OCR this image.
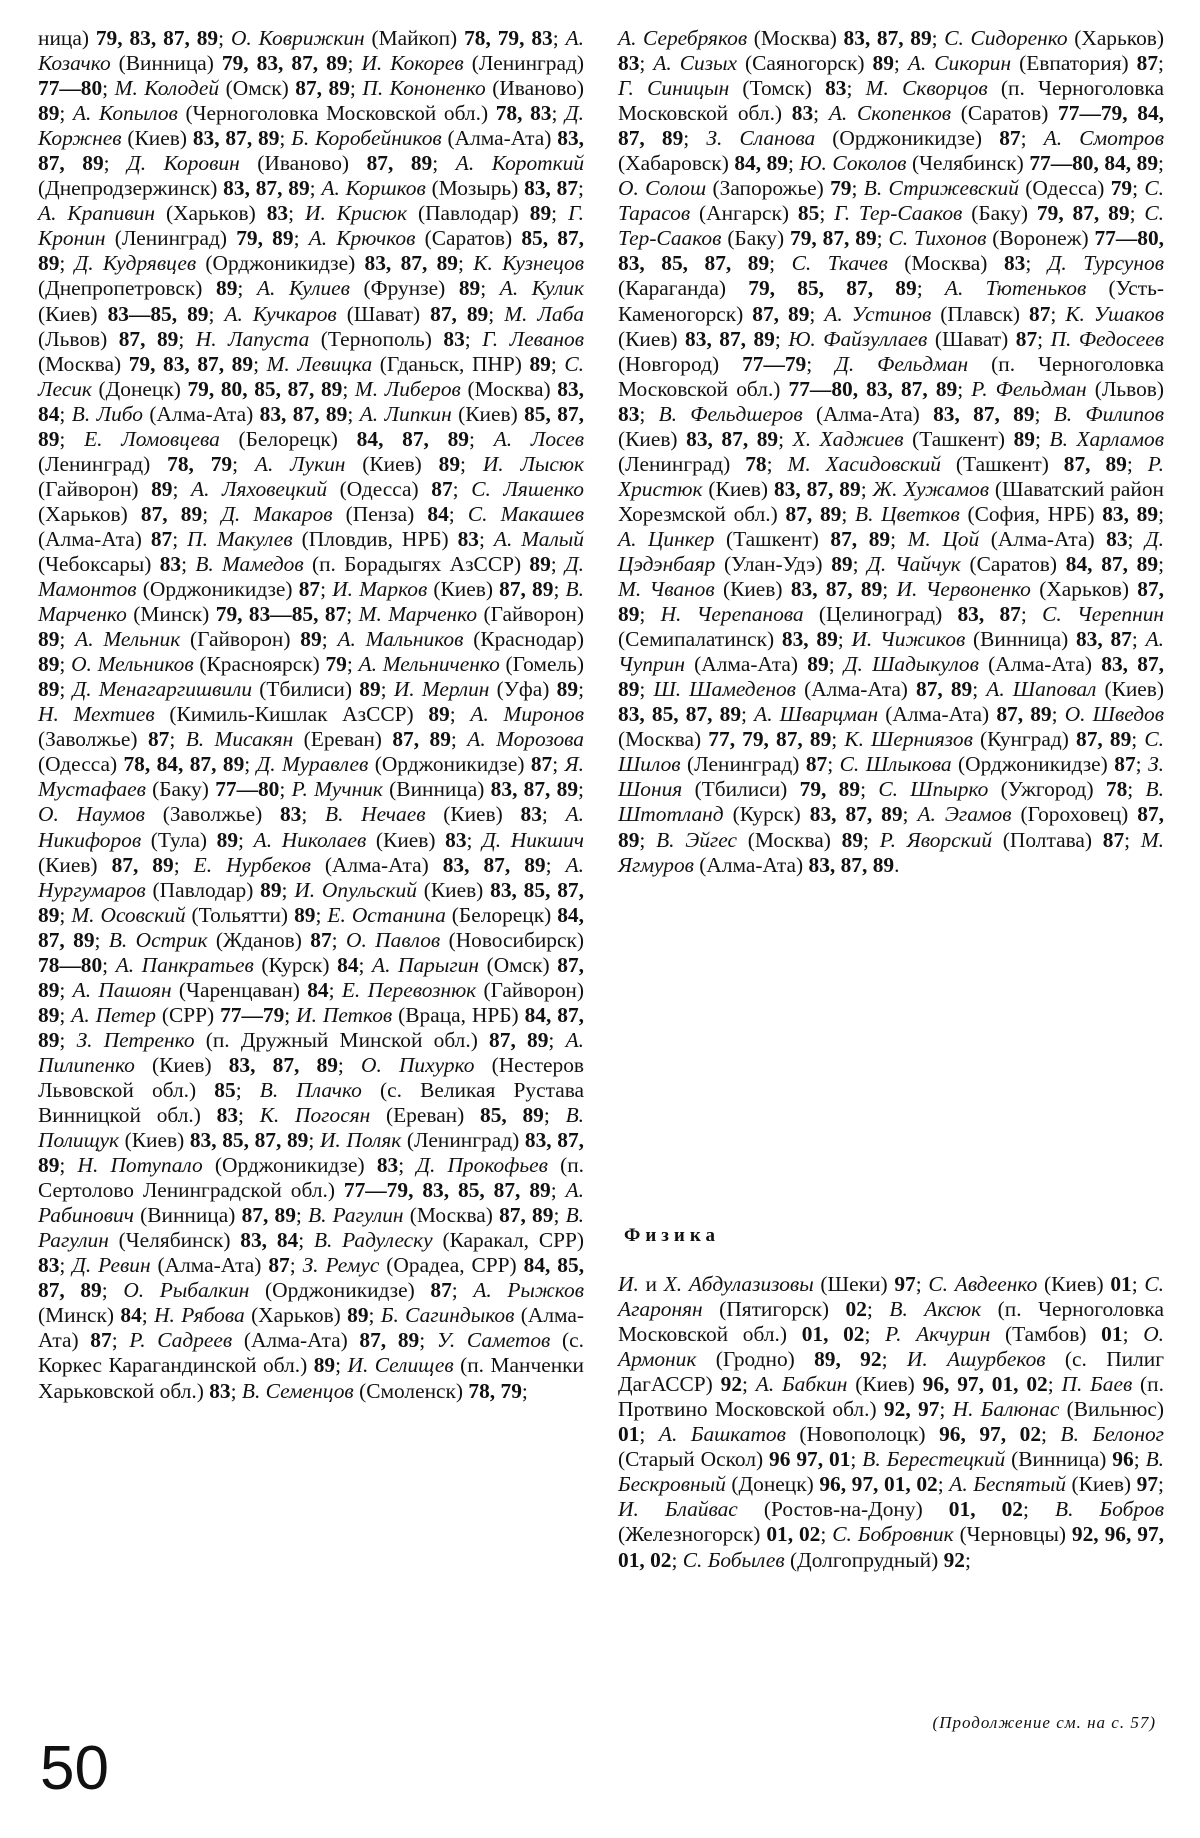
ница) 79, 83, 87, 89; О. Коврижкин (Майкоп) 78, 79, 83; А. Козачко (Винница) 79, 83, 87, 89; И. Кокорев (Ленинград) 77—80; М. Колодей (Омск) 87, 89; П. Кононенко (Иваново) 89; А. Копылов (Черноголовка Московской обл.) 78, 83; Д. Коржнев (Киев) 83, 87, 89; Б. Коробейников (Алма-Ата) 83, 87, 89; Д. Коровин (Иваново) 87, 89; А. Короткий (Днепродзержинск) 83, 87, 89; А. Коршков (Мозырь) 83, 87; А. Крапивин (Харьков) 83; И. Крисюк (Павлодар) 89; Г. Кронин (Ленинград) 79, 89; А. Крючков (Саратов) 85, 87, 89; Д. Кудрявцев (Орджоникидзе) 83, 87, 89; К. Кузнецов (Днепропетровск) 89; А. Кулиев (Фрунзе) 89; А. Кулик (Киев) 83—85, 89; А. Кучкаров (Шават) 87, 89; М. Лаба (Львов) 87, 89; Н. Лапуста (Тернополь) 83; Г. Леванов (Москва) 79, 83, 87, 89; М. Левицка (Гданьск, ПНР) 89; С. Лесик (Донецк) 79, 80, 85, 87, 89; М. Либеров (Москва) 83, 84; В. Либо (Алма-Ата) 83, 87, 89; А. Липкин (Киев) 85, 87, 89; Е. Ломовцева (Белорецк) 84, 87, 89; А. Лосев (Ленинград) 78, 79; А. Лукин (Киев) 89; И. Лысюк (Гайворон) 89; А. Ляховецкий (Одесса) 87; С. Ляшенко (Харьков) 87, 89; Д. Макаров (Пенза) 84; С. Макашев (Алма-Ата) 87; П. Макулев (Пловдив, НРБ) 83; А. Малый (Чебоксары) 83; В. Мамедов (п. Борадыгях АзССР) 89; Д. Мамонтов (Орджоникидзе) 87; И. Марков (Киев) 87, 89; В. Марченко (Минск) 79, 83—85, 87; М. Марченко (Гайворон) 89; А. Мельник (Гайворон) 89; А. Мальников (Краснодар) 89; О. Мельников (Красноярск) 79; А. Мельниченко (Гомель) 89; Д. Менагаргишвили (Тбилиси) 89; И. Мерлин (Уфа) 89; Н. Мехтиев (Кимиль-Кишлак АзССР) 89; А. Миронов (Заволжье) 87; В. Мисакян (Ереван) 87, 89; А. Морозова (Одесса) 78, 84, 87, 89; Д. Муравлев (Орджоникидзе) 87; Я. Мустафаев (Баку) 77—80; Р. Мучник (Винница) 83, 87, 89; О. Наумов (Заволжье) 83; В. Нечаев (Киев) 83; А. Никифоров (Тула) 89; А. Николаев (Киев) 83; Д. Никшич (Киев) 87, 89; Е. Нурбеков (Алма-Ата) 83, 87, 89; А. Нургумаров (Павлодар) 89; И. Опульский (Киев) 83, 85, 87, 89; М. Осовский (Тольятти) 89; Е. Останина (Белорецк) 84, 87, 89; В. Острик (Жданов) 87; О. Павлов (Новосибирск) 78—80; А. Панкратьев (Курск) 84; А. Парыгин (Омск) 87, 89; А. Пашоян (Чаренцаван) 84; Е. Перевознюк (Гайворон) 89; А. Петер (СРР) 77—79; И. Петков (Враца, НРБ) 84, 87, 89; З. Петренко (п. Дружный Минской обл.) 87, 89; А. Пилипенко (Киев) 83, 87, 89; О. Пихурко (Нестеров Львовской обл.) 85; В. Плачко (с. Великая Рустава Винницкой обл.) 83; К. Погосян (Ереван) 85, 89; В. Полищук (Киев) 83, 85, 87, 89; И. Поляк (Ленинград) 83, 87, 89; Н. Потупало (Орджоникидзе) 83; Д. Прокофьев (п. Сертолово Ленинградской обл.) 77—79, 83, 85, 87, 89; А. Рабинович (Винница) 87, 89; В. Рагулин (Москва) 87, 89; В. Рагулин (Челябинск) 83, 84; В. Радулеску (Каракал, СРР) 83; Д. Ревин (Алма-Ата) 87; З. Ремус (Орадеа, СРР) 84, 85, 87, 89; О. Рыбалкин (Орджоникидзе) 87; А. Рыжков (Минск) 84; Н. Рябова (Харьков) 89; Б. Сагиндыков (Алма-Ата) 87; Р. Садреев (Алма-Ата) 87, 89; У. Саметов (с. Коркес Карагандинской обл.) 89; И. Селищев (п. Манченки Харьковской обл.) 83; В. Семенцов (Смоленск) 78, 79;

А. Серебряков (Москва) 83, 87, 89; С. Сидоренко (Харьков) 83; А. Сизых (Саяногорск) 89; А. Сикорин (Евпатория) 87; Г. Синицын (Томск) 83; М. Скворцов (п. Черноголовка Московской обл.) 83; А. Скопенков (Саратов) 77—79, 84, 87, 89; З. Сланова (Орджоникидзе) 87; А. Смотров (Хабаровск) 84, 89; Ю. Соколов (Челябинск) 77—80, 84, 89; О. Солош (Запорожье) 79; В. Стрижевский (Одесса) 79; С. Тарасов (Ангарск) 85; Г. Тер-Сааков (Баку) 79, 87, 89; С. Тер-Сааков (Баку) 79, 87, 89; С. Тихонов (Воронеж) 77—80, 83, 85, 87, 89; С. Ткачев (Москва) 83; Д. Турсунов (Караганда) 79, 85, 87, 89; А. Тютеньков (Усть-Каменогорск) 87, 89; А. Устинов (Плавск) 87; К. Ушаков (Киев) 83, 87, 89; Ю. Файзуллаев (Шават) 87; П. Федосеев (Новгород) 77—79; Д. Фельдман (п. Черноголовка Московской обл.) 77—80, 83, 87, 89; Р. Фельдман (Львов) 83; В. Фельдшеров (Алма-Ата) 83, 87, 89; В. Филипов (Киев) 83, 87, 89; Х. Хаджиев (Ташкент) 89; В. Харламов (Ленинград) 78; М. Хасидовский (Ташкент) 87, 89; Р. Христюк (Киев) 83, 87, 89; Ж. Хужамов (Шаватский район Хорезмской обл.) 87, 89; В. Цветков (София, НРБ) 83, 89; А. Цинкер (Ташкент) 87, 89; М. Цой (Алма-Ата) 83; Д. Цэдэнбаяр (Улан-Удэ) 89; Д. Чайчук (Саратов) 84, 87, 89; М. Чванов (Киев) 83, 87, 89; И. Червоненко (Харьков) 87, 89; Н. Черепанова (Целиноград) 83, 87; С. Черепнин (Семипалатинск) 83, 89; И. Чижиков (Винница) 83, 87; А. Чуприн (Алма-Ата) 89; Д. Шадыкулов (Алма-Ата) 83, 87, 89; Ш. Шамеденов (Алма-Ата) 87, 89; А. Шаповал (Киев) 83, 85, 87, 89; А. Шварцман (Алма-Ата) 87, 89; О. Шведов (Москва) 77, 79, 87, 89; К. Шерниязов (Кунград) 87, 89; С. Шилов (Ленинград) 87; С. Шлыкова (Орджоникидзе) 87; З. Шония (Тбилиси) 79, 89; С. Шпырко (Ужгород) 78; В. Штотланд (Курск) 83, 87, 89; А. Эгамов (Гороховец) 87, 89; В. Эйгес (Москва) 89; Р. Яворский (Полтава) 87; М. Ягмуров (Алма-Ата) 83, 87, 89.

Физика

И. и Х. Абдулазизовы (Шеки) 97; С. Авдеенко (Киев) 01; С. Агаронян (Пятигорск) 02; В. Аксюк (п. Черноголовка Московской обл.) 01, 02; Р. Акчурин (Тамбов) 01; О. Армоник (Гродно) 89, 92; И. Ашурбеков (с. Пилиг ДагАССР) 92; А. Бабкин (Киев) 96, 97, 01, 02; П. Баев (п. Протвино Московской обл.) 92, 97; Н. Балюнас (Вильнюс) 01; А. Башкатов (Новополоцк) 96, 97, 02; В. Белоног (Старый Оскол) 96 97, 01; В. Берестецкий (Винница) 96; В. Бескровный (Донецк) 96, 97, 01, 02; А. Беспятый (Киев) 97; И. Блайвас (Ростов-на-Дону) 01, 02; В. Бобров (Железногорск) 01, 02; С. Бобровник (Черновцы) 92, 96, 97, 01, 02; С. Бобылев (Долгопрудный) 92;

(Продолжение см. на с. 57)
50
